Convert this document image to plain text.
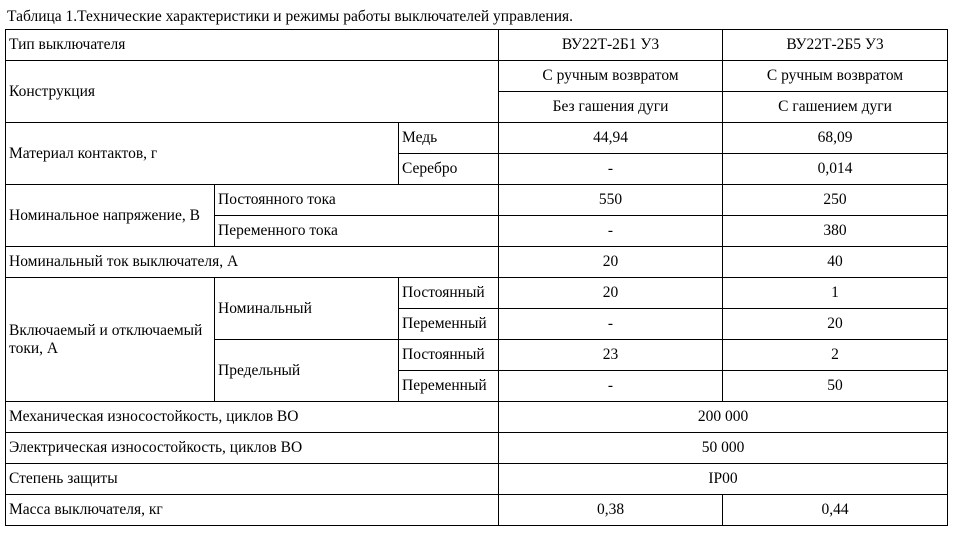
Таблица 1.Технические характеристики и режимы работы выключателей управления.
Тип выключателя			ВУ22Т-2Б1 У3	ВУ22Т-2Б5 У3
Конструкция			С ручным возвратом	С ручным возвратом
			Без гашения дуги	С гашением дуги
Материал контактов, г		Медь	44,94	68,09
		Серебро	-	0,014
Номинальное напряжение, В	Постоянного тока		550	250
	Переменного тока		-	380
Номинальный ток выключателя, А			20	40
Включаемый и отключаемый токи, А	Номинальный	Постоянный	20	1
		Переменный	-	20
	Предельный	Постоянный	23	2
		Переменный	-	50
Механическая износостойкость, циклов ВО			200 000	
Электрическая износостойкость, циклов ВО			50 000	
Степень защиты			IP00	
Масса выключателя, кг			0,38	0,44
